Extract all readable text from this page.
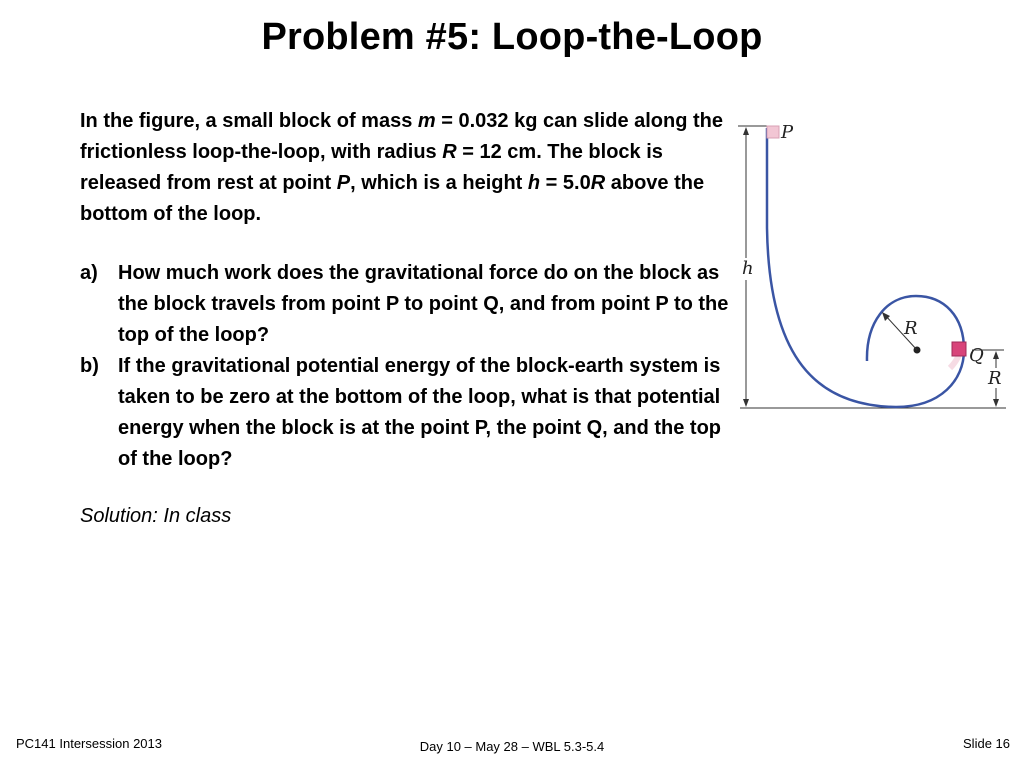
Problem #5: Loop-the-Loop
In the figure, a small block of mass m = 0.032 kg can slide along the frictionless loop-the-loop, with radius R = 12 cm. The block is released from rest at point P, which is a height h = 5.0R above the bottom of the loop.
a) How much work does the gravitational force do on the block as the block travels from point P to point Q, and from point P to the top of the loop?
b) If the gravitational potential energy of the block-earth system is taken to be zero at the bottom of the loop, what is that potential energy when the block is at the point P, the point Q, and the top of the loop?
Solution: In class
h
P
Q
R
R
PC141 Intersession 2013	Day 10 – May 28 – WBL 5.3-5.4	Slide 16
